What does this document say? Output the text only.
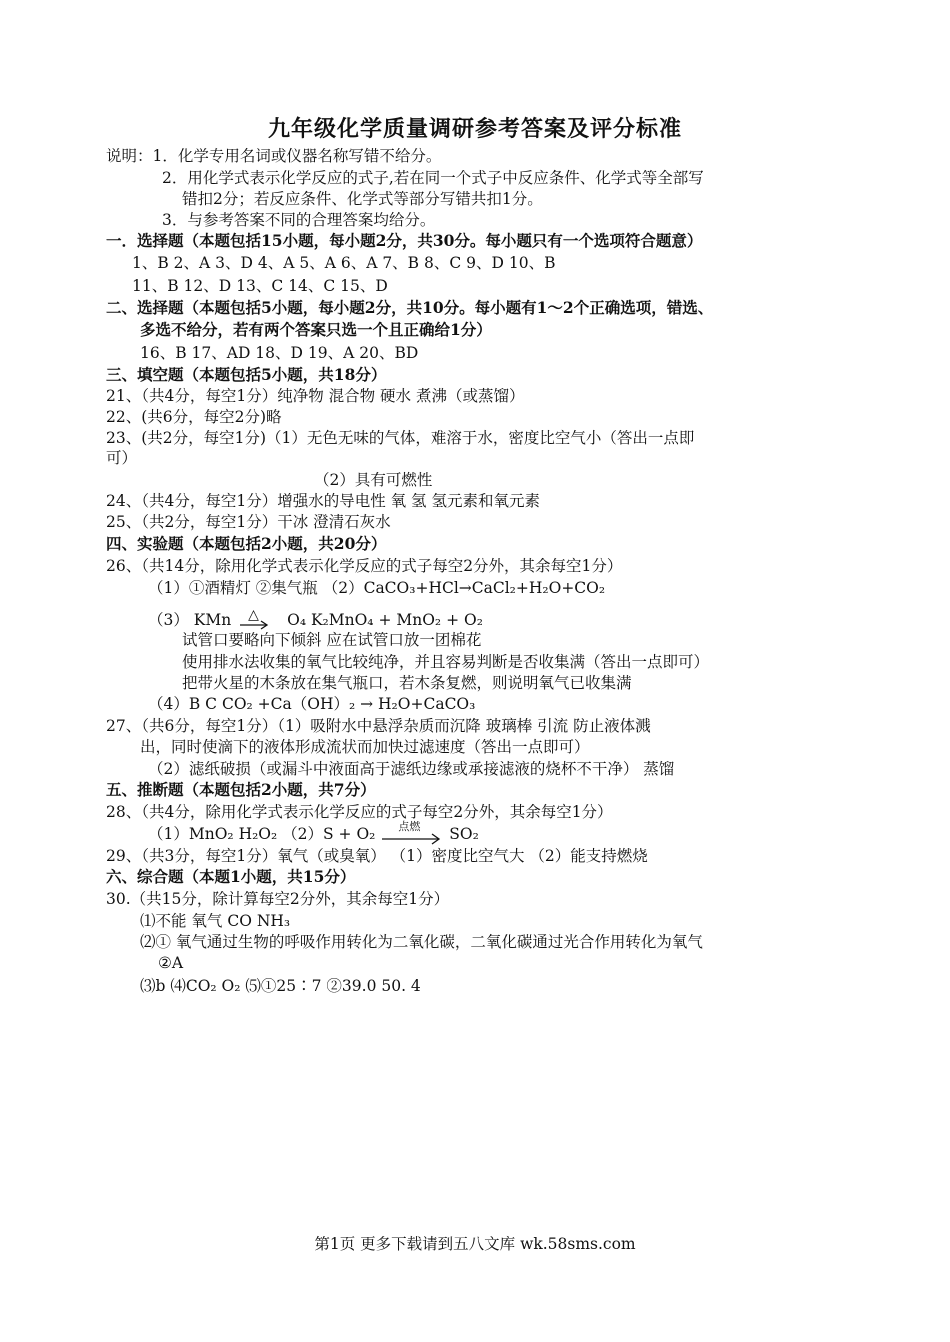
九年级化学质量调研参考答案及评分标准
说明：1．化学专用名词或仪器名称写错不给分。
2．用化学式表示化学反应的式子,若在同一个式子中反应条件、化学式等全部写
错扣2分；若反应条件、化学式等部分写错共扣1分。
3．与参考答案不同的合理答案均给分。
一．选择题（本题包括15小题，每小题2分，共30分。每小题只有一个选项符合题意）
1、B 2、A 3、D 4、A 5、A 6、A 7、B 8、C 9、D 10、B
11、B 12、D 13、C 14、C 15、D
二、选择题（本题包括5小题，每小题2分，共10分。每小题有1～2个正确选项，错选、
多选不给分，若有两个答案只选一个且正确给1分）
16、B 17、AD 18、D 19、A 20、BD
三、填空题（本题包括5小题，共18分）
21、（共4分，每空1分）纯净物 混合物 硬水 煮沸（或蒸馏）
22、(共6分，每空2分)略
23、(共2分，每空1分)（1）无色无味的气体，难溶于水，密度比空气小（答出一点即
可）
（2）具有可燃性
24、（共4分，每空1分）增强水的导电性 氧 氢 氢元素和氧元素
25、（共2分，每空1分）干冰 澄清石灰水
四、实验题（本题包括2小题，共20分）
26、（共14分，除用化学式表示化学反应的式子每空2分外，其余每空1分）
（1）①酒精灯 ②集气瓶 （2）CaCO₃+HCl→CaCl₂+H₂O+CO₂
（3） KMn △ O₄ K₂MnO₄ + MnO₂ + O₂
试管口要略向下倾斜 应在试管口放一团棉花
使用排水法收集的氧气比较纯净，并且容易判断是否收集满（答出一点即可）
把带火星的木条放在集气瓶口，若木条复燃，则说明氧气已收集满
（4）B C CO₂ +Ca（OH）₂ → H₂O+CaCO₃
27、（共6分，每空1分）（1）吸附水中悬浮杂质而沉降 玻璃棒 引流 防止液体溅
出，同时使滴下的液体形成流状而加快过滤速度（答出一点即可）
（2）滤纸破损（或漏斗中液面高于滤纸边缘或承接滤液的烧杯不干净） 蒸馏
五、推断题（本题包括2小题，共7分）
28、（共4分，除用化学式表示化学反应的式子每空2分外，其余每空1分）
（1）MnO₂ H₂O₂ （2）S + O₂ 点燃 SO₂
29、（共3分，每空1分）氧气（或臭氧） （1）密度比空气大 （2）能支持燃烧
六、综合题（本题1小题，共15分）
30.（共15分，除计算每空2分外，其余每空1分）
⑴不能 氧气 CO NH₃
⑵① 氧气通过生物的呼吸作用转化为二氧化碳，二氧化碳通过光合作用转化为氧气
②A
⑶b ⑷CO₂ O₂ ⑸①25∶7 ②39.0 50. 4
第1页 更多下载请到五八文库 wk.58sms.com
